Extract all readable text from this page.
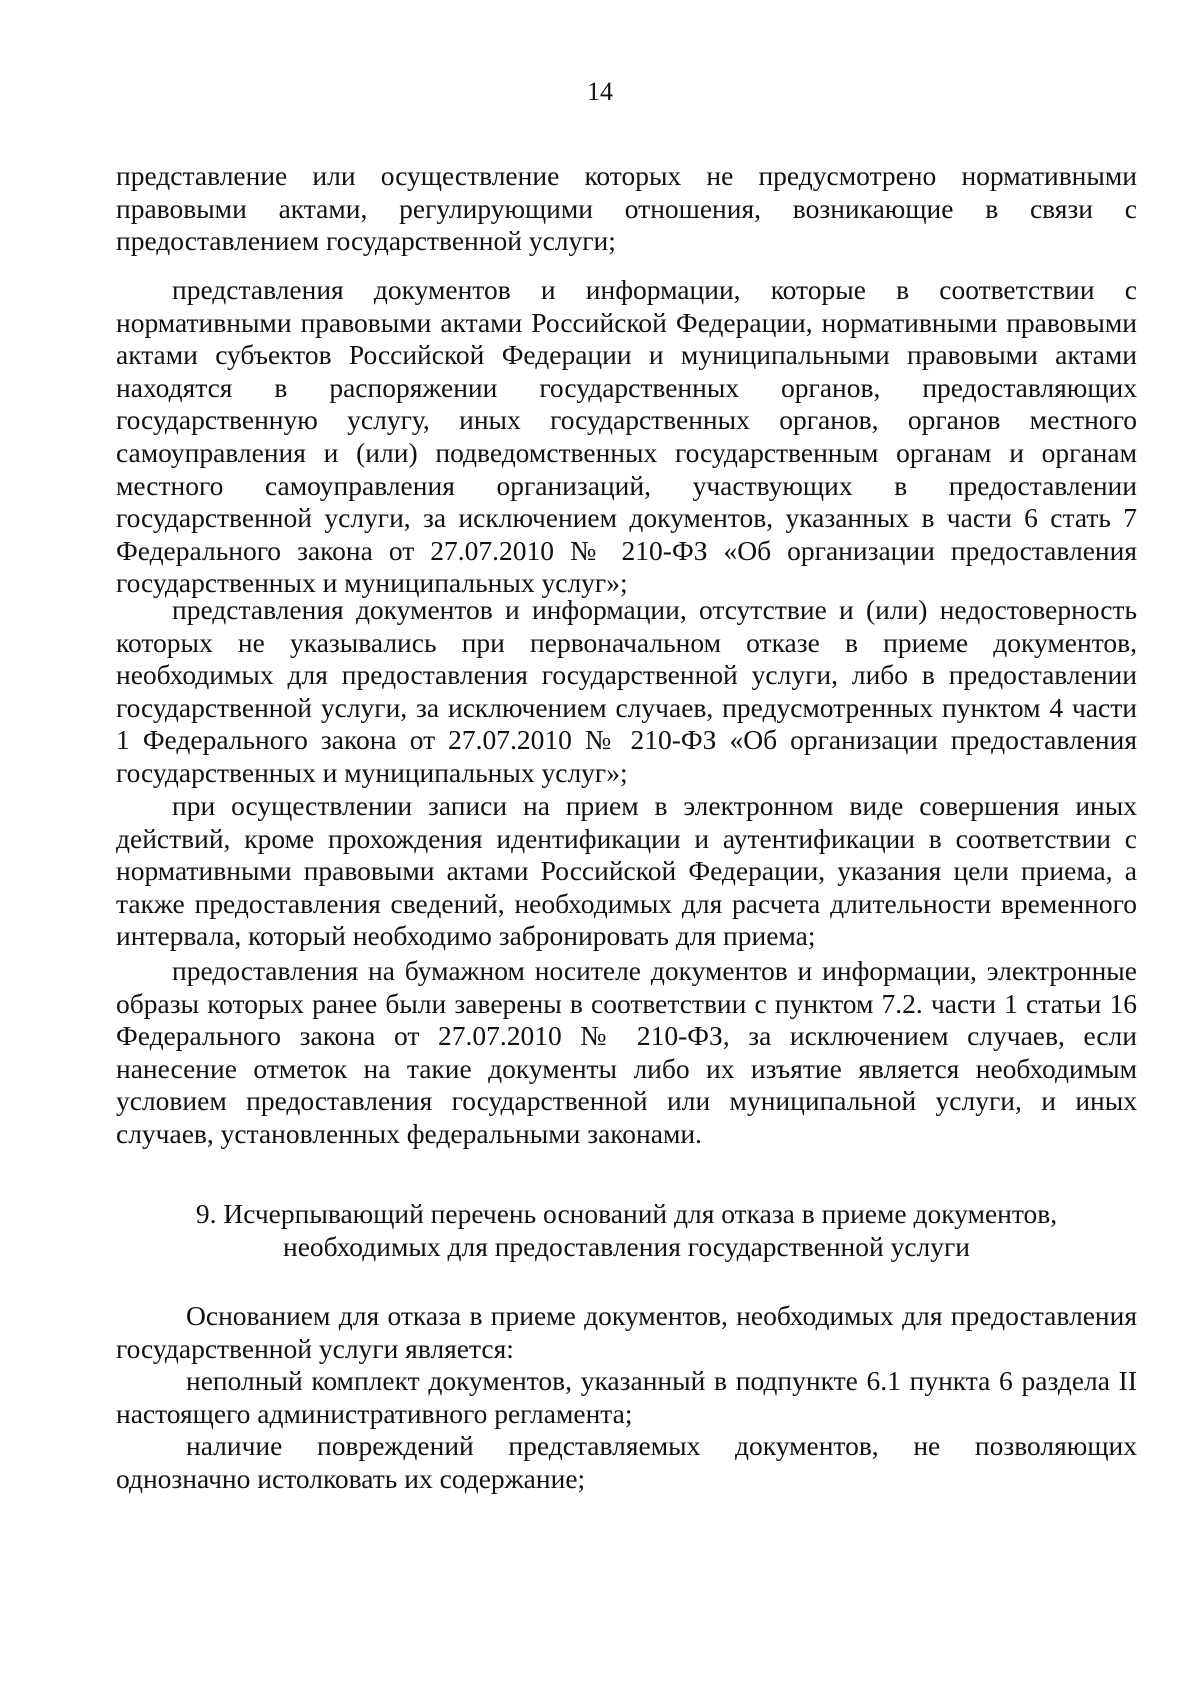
14

представление или осуществление которых не предусмотрено нормативными правовыми актами, регулирующими отношения, возникающие в связи с предоставлением государственной услуги;

представления документов и информации, которые в соответствии с нормативными правовыми актами Российской Федерации, нормативными правовыми актами субъектов Российской Федерации и муниципальными правовыми актами находятся в распоряжении государственных органов, предоставляющих государственную услугу, иных государственных органов, органов местного самоуправления и (или) подведомственных государственным органам и органам местного самоуправления организаций, участвующих в предоставлении государственной услуги, за исключением документов, указанных в части 6 стать 7 Федерального закона от 27.07.2010 № 210-ФЗ «Об организации предоставления государственных и муниципальных услуг»;

представления документов и информации, отсутствие и (или) недостоверность которых не указывались при первоначальном отказе в приеме документов, необходимых для предоставления государственной услуги, либо в предоставлении государственной услуги, за исключением случаев, предусмотренных пунктом 4 части 1 Федерального закона от 27.07.2010 № 210-ФЗ «Об организации предоставления государственных и муниципальных услуг»;

при осуществлении записи на прием в электронном виде совершения иных действий, кроме прохождения идентификации и аутентификации в соответствии с нормативными правовыми актами Российской Федерации, указания цели приема, а также предоставления сведений, необходимых для расчета длительности временного интервала, который необходимо забронировать для приема;

предоставления на бумажном носителе документов и информации, электронные образы которых ранее были заверены в соответствии с пунктом 7.2. части 1 статьи 16 Федерального закона от 27.07.2010 № 210-ФЗ, за исключением случаев, если нанесение отметок на такие документы либо их изъятие является необходимым условием предоставления государственной или муниципальной услуги, и иных случаев, установленных федеральными законами.

9. Исчерпывающий перечень оснований для отказа в приеме документов,
необходимых для предоставления государственной услуги

Основанием для отказа в приеме документов, необходимых для предоставления государственной услуги является:

неполный комплект документов, указанный в подпункте 6.1 пункта 6 раздела II настоящего административного регламента;

наличие повреждений представляемых документов, не позволяющих однозначно истолковать их содержание;
